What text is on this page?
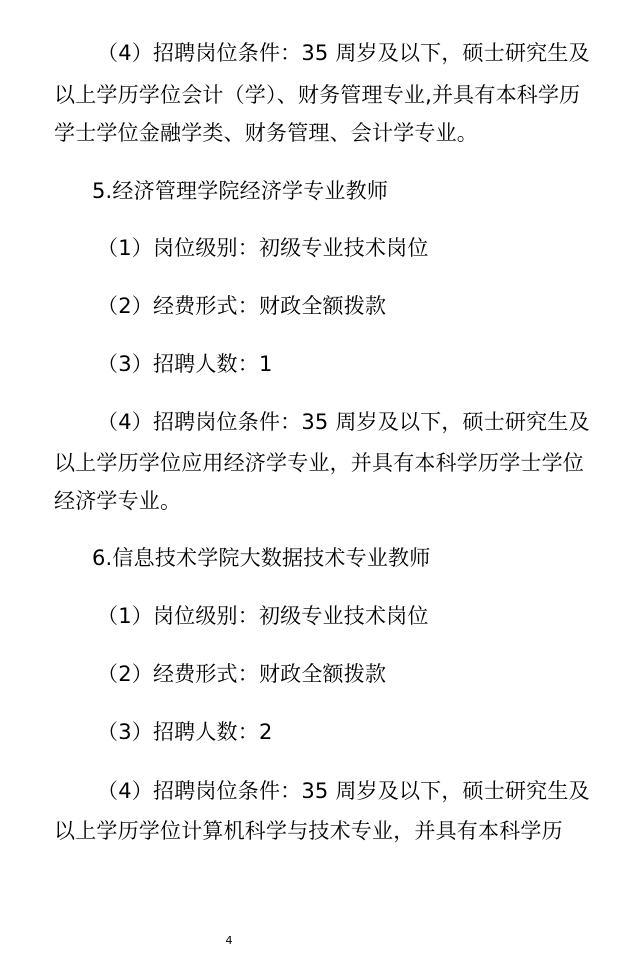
（4）招聘岗位条件：35 周岁及以下，硕士研究生及
以上学历学位会计（学）、财务管理专业,并具有本科学历
学士学位金融学类、财务管理、会计学专业。
5.经济管理学院经济学专业教师
（1）岗位级别：初级专业技术岗位
（2）经费形式：财政全额拨款
（3）招聘人数：1
（4）招聘岗位条件：35 周岁及以下，硕士研究生及
以上学历学位应用经济学专业，并具有本科学历学士学位
经济学专业。
6.信息技术学院大数据技术专业教师
（1）岗位级别：初级专业技术岗位
（2）经费形式：财政全额拨款
（3）招聘人数：2
（4）招聘岗位条件：35 周岁及以下，硕士研究生及
以上学历学位计算机科学与技术专业，并具有本科学历
4
